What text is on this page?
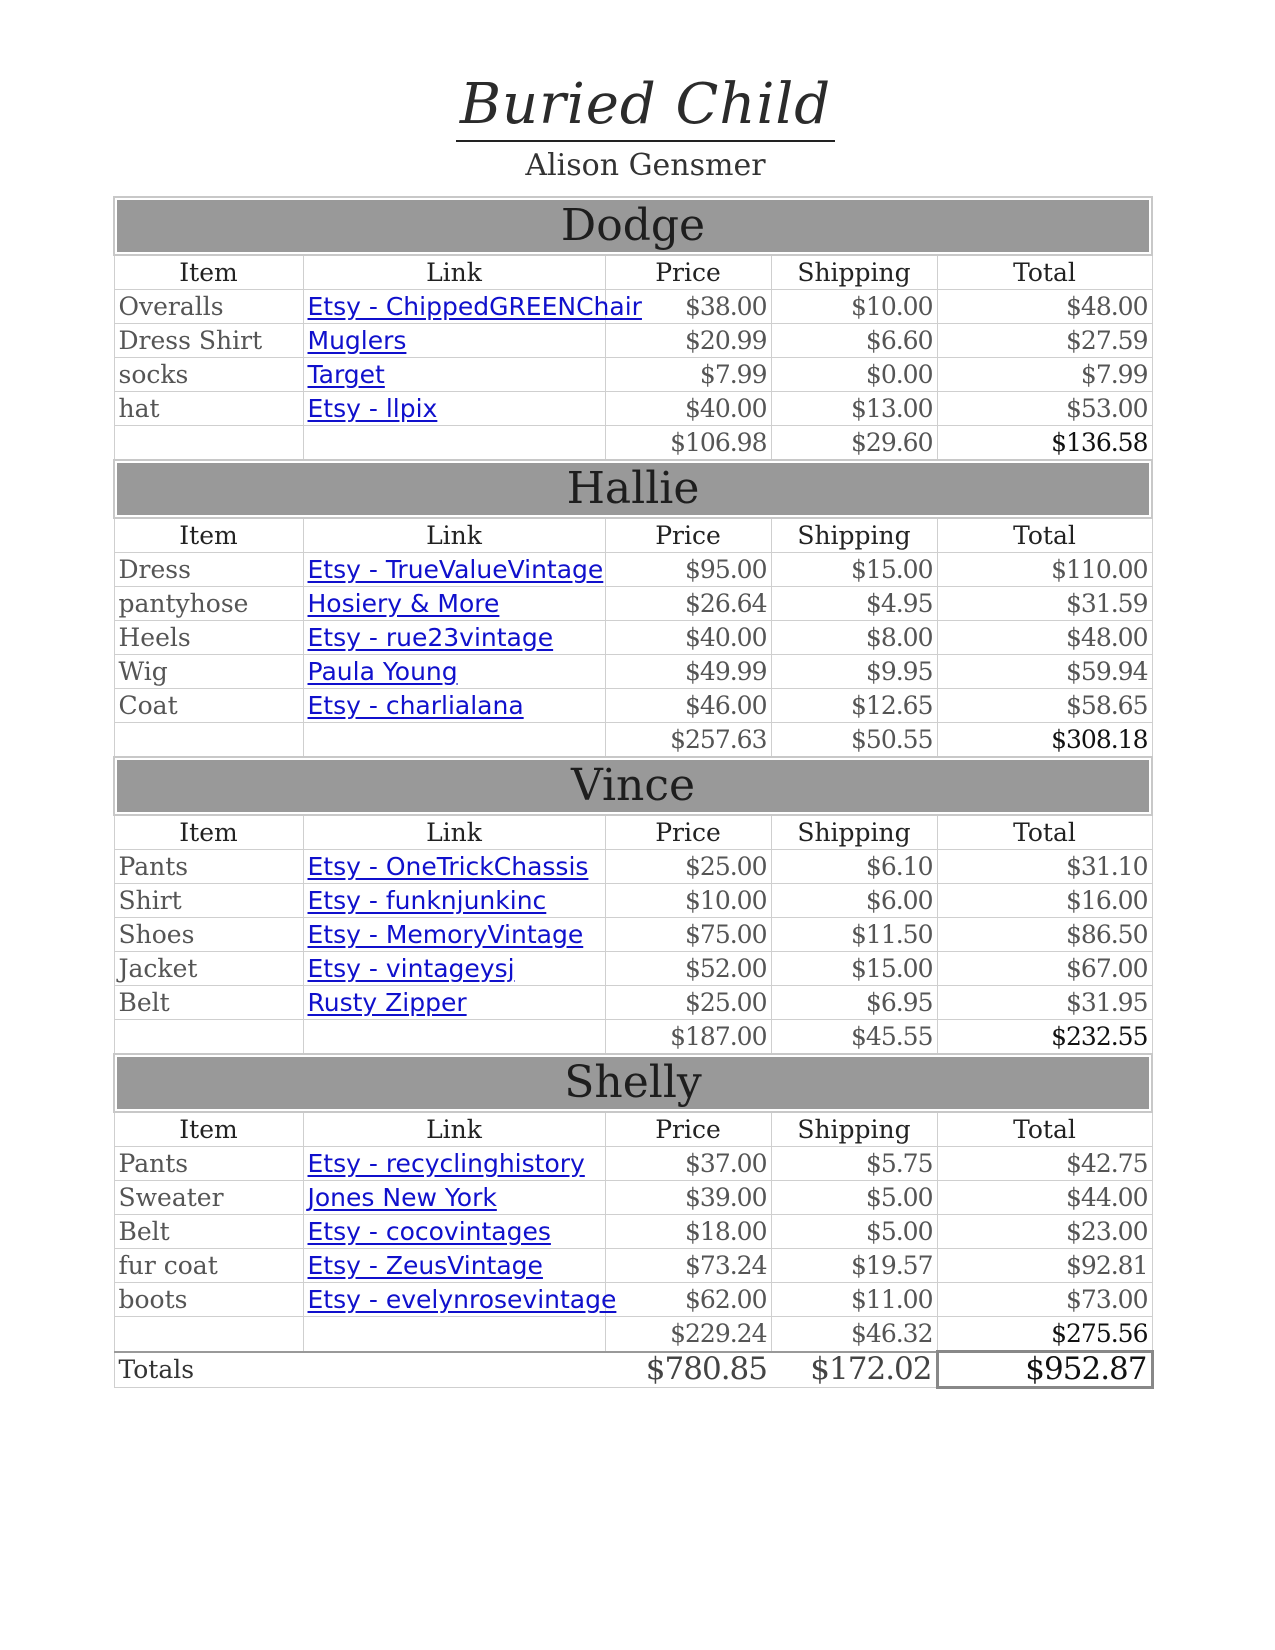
Buried Child
Alison Gensmer
Dodge				
Item	Link	Price	Shipping	Total
Overalls	Etsy - ChippedGREENChair	$38.00	$10.00	$48.00
Dress Shirt	Muglers	$20.99	$6.60	$27.59
socks	Target	$7.99	$0.00	$7.99
hat	Etsy - llpix	$40.00	$13.00	$53.00
		$106.98	$29.60	$136.58
Hallie				
Item	Link	Price	Shipping	Total
Dress	Etsy - TrueValueVintage	$95.00	$15.00	$110.00
pantyhose	Hosiery & More	$26.64	$4.95	$31.59
Heels	Etsy - rue23vintage	$40.00	$8.00	$48.00
Wig	Paula Young	$49.99	$9.95	$59.94
Coat	Etsy - charlialana	$46.00	$12.65	$58.65
		$257.63	$50.55	$308.18
Vince				
Item	Link	Price	Shipping	Total
Pants	Etsy - OneTrickChassis	$25.00	$6.10	$31.10
Shirt	Etsy - funknjunkinc	$10.00	$6.00	$16.00
Shoes	Etsy - MemoryVintage	$75.00	$11.50	$86.50
Jacket	Etsy - vintageysj	$52.00	$15.00	$67.00
Belt	Rusty Zipper	$25.00	$6.95	$31.95
		$187.00	$45.55	$232.55
Shelly				
Item	Link	Price	Shipping	Total
Pants	Etsy - recyclinghistory	$37.00	$5.75	$42.75
Sweater	Jones New York	$39.00	$5.00	$44.00
Belt	Etsy - cocovintages	$18.00	$5.00	$23.00
fur coat	Etsy - ZeusVintage	$73.24	$19.57	$92.81
boots	Etsy - evelynrosevintage	$62.00	$11.00	$73.00
		$229.24	$46.32	$275.56
Totals		$780.85	$172.02	$952.87
